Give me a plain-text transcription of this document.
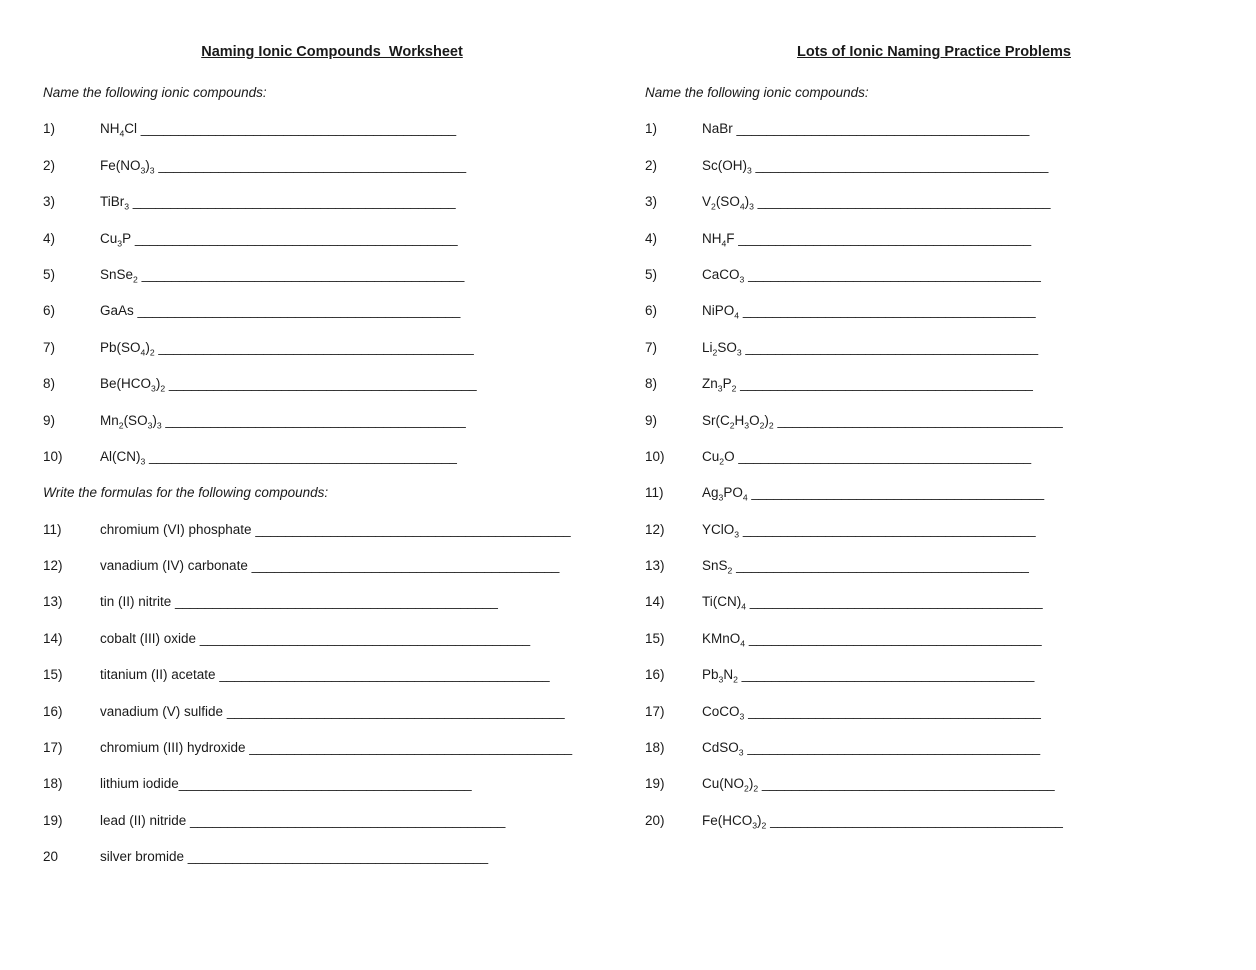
Naming Ionic Compounds  Worksheet
Name the following ionic compounds:
1)	$NH_4Cl$ __________________________________________
2)	$Fe(NO_3)_3$ _________________________________________
3)	TiBr$_3$ ___________________________________________
4)	$Cu_3P$ ___________________________________________
5)	SnSe$_2$ ___________________________________________
6)	GaAs ___________________________________________
7)	$Pb(SO_4)_2$ __________________________________________
8)	$Be(HCO_3)_2$ _________________________________________
9)	$Mn_2(SO_3)_3$ ________________________________________
10)	$Al(CN)_3$ _________________________________________
Write the formulas for the following compounds:
11)	chromium (VI) phosphate __________________________________________
12)	vanadium (IV) carbonate _________________________________________
13)	tin (II) nitrite ___________________________________________
14)	cobalt (III) oxide ____________________________________________
15)	titanium (II) acetate ____________________________________________
16)	vanadium (V) sulfide _____________________________________________
17)	chromium (III) hydroxide ___________________________________________
18)	lithium iodide _______________________________________
19)	lead (II) nitride __________________________________________
20	silver bromide ________________________________________
Lots of Ionic Naming Practice Problems
Name the following ionic compounds:
1)	NaBr _______________________________________
2)	$Sc(OH)_3$ _______________________________________
3)	$V_2(SO_4)_3$ _______________________________________
4)	$NH_4F$ _______________________________________
5)	CaCO$_3$ _______________________________________
6)	NiPO$_4$ _______________________________________
7)	$Li_2SO_3$ _______________________________________
8)	$Zn_3P_2$ _______________________________________
9)	$Sr(C_2H_3O_2)_2$ ______________________________________
10)	$Cu_2O$ _______________________________________
11)	$Ag_3PO_4$ _______________________________________
12)	YClO$_3$ _______________________________________
13)	SnS$_2$ _______________________________________
14)	$Ti(CN)_4$ _______________________________________
15)	KMnO$_4$ _______________________________________
16)	$Pb_3N_2$ _______________________________________
17)	CoCO$_3$ _______________________________________
18)	CdSO$_3$ _______________________________________
19)	$Cu(NO_2)_2$ _______________________________________
20)	$Fe(HCO_3)_2$ _______________________________________
